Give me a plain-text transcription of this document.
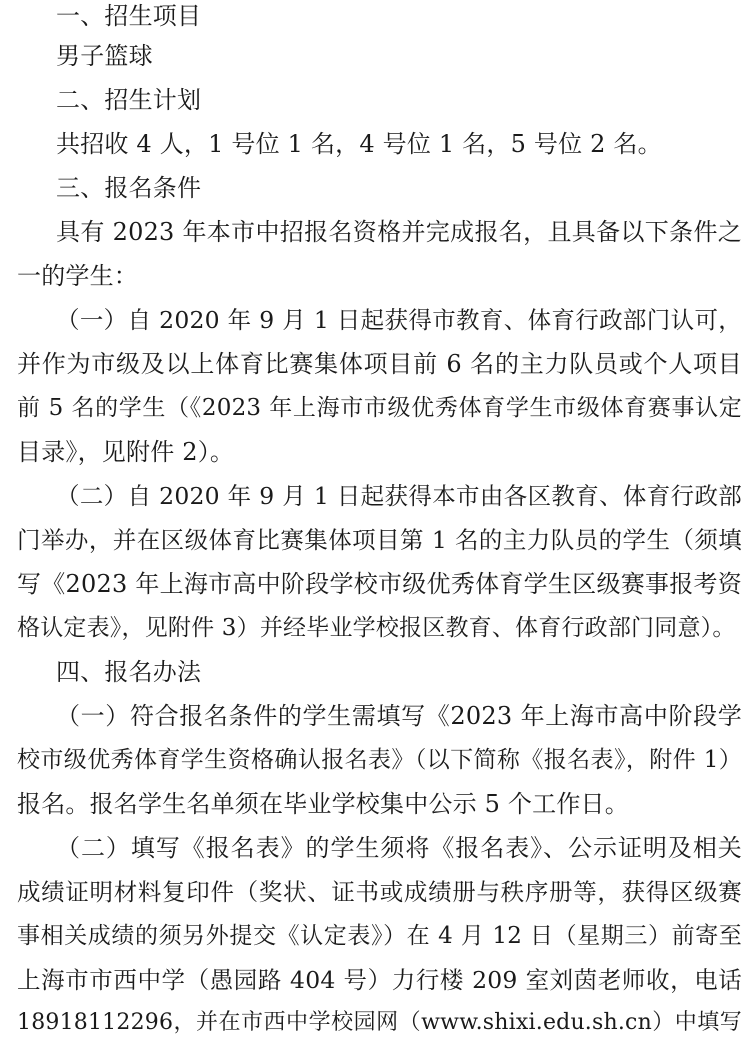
一、招生项目
男子篮球
二、招生计划
共招收 4 人，1 号位 1 名，4 号位 1 名，5 号位 2 名。
三、报名条件
具有 2023 年本市中招报名资格并完成报名，且具备以下条件之
一的学生：
（一）自 2020 年 9 月 1 日起获得市教育、体育行政部门认可，
并作为市级及以上体育比赛集体项目前 6 名的主力队员或个人项目
前 5 名的学生（《2023 年上海市市级优秀体育学生市级体育赛事认定
目录》，见附件 2）。
（二）自 2020 年 9 月 1 日起获得本市由各区教育、体育行政部
门举办，并在区级体育比赛集体项目第 1 名的主力队员的学生（须填
写《2023 年上海市高中阶段学校市级优秀体育学生区级赛事报考资
格认定表》，见附件 3）并经毕业学校报区教育、体育行政部门同意）。
四、报名办法
（一）符合报名条件的学生需填写《2023 年上海市高中阶段学
校市级优秀体育学生资格确认报名表》（以下简称《报名表》，附件 1）
报名。报名学生名单须在毕业学校集中公示 5 个工作日。
（二）填写《报名表》的学生须将《报名表》、公示证明及相关
成绩证明材料复印件（奖状、证书或成绩册与秩序册等，获得区级赛
事相关成绩的须另外提交《认定表》）在 4 月 12 日（星期三）前寄至
上海市市西中学（愚园路 404 号）力行楼 209 室刘茵老师收，电话
18918112296，并在市西中学校园网（www.shixi.edu.sh.cn）中填写
